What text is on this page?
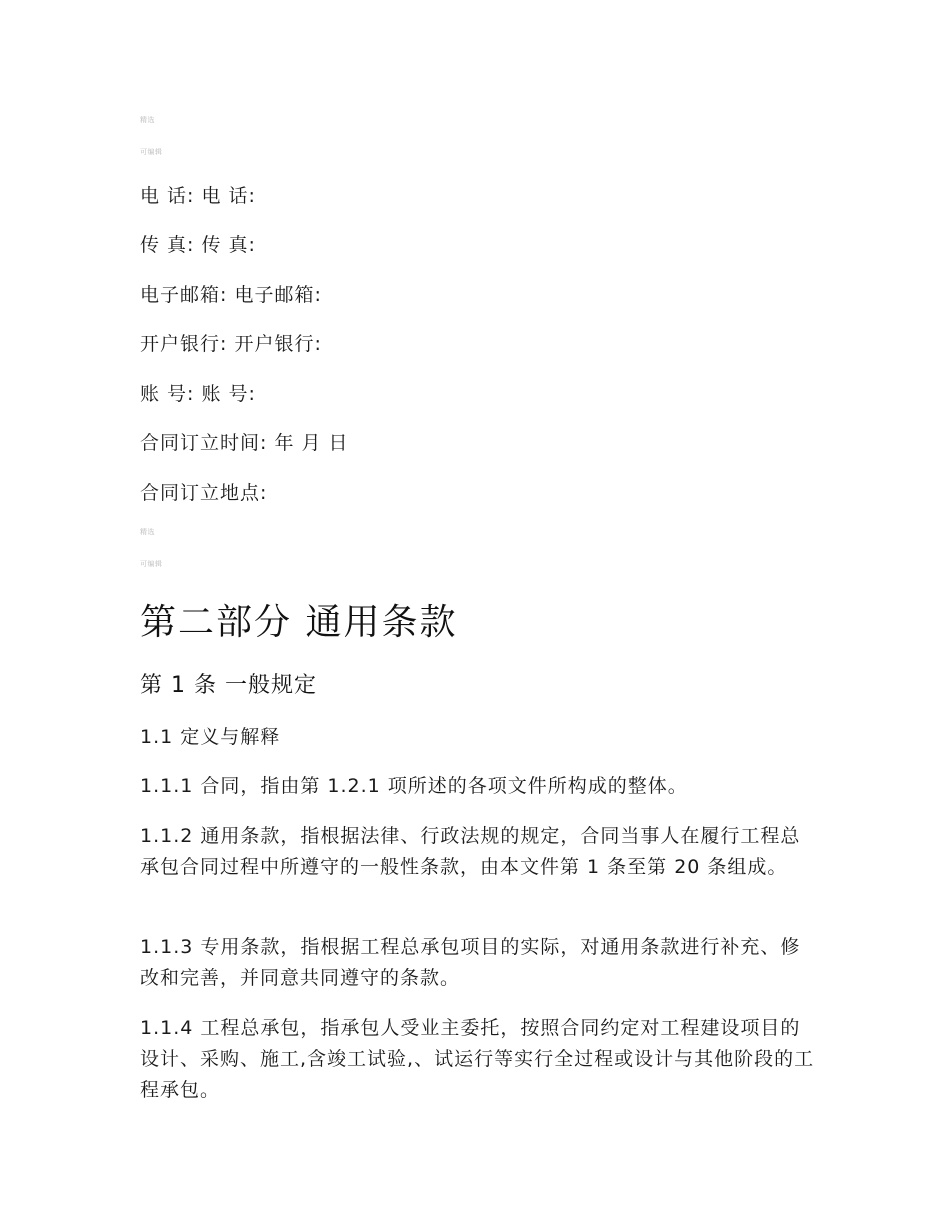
精选
可编辑
电 话: 电 话:
传 真: 传 真:
电子邮箱: 电子邮箱:
开户银行: 开户银行:
账 号: 账 号:
合同订立时间: 年 月 日
合同订立地点:
精选
可编辑
第二部分 通用条款
第 1 条 一般规定
1.1 定义与解释
1.1.1 合同，指由第 1.2.1 项所述的各项文件所构成的整体。
1.1.2 通用条款，指根据法律、行政法规的规定，合同当事人在履行工程总承包合同过程中所遵守的一般性条款，由本文件第 1 条至第 20 条组成。
1.1.3 专用条款，指根据工程总承包项目的实际，对通用条款进行补充、修改和完善，并同意共同遵守的条款。
1.1.4 工程总承包，指承包人受业主委托，按照合同约定对工程建设项目的设计、采购、施工,含竣工试验,、试运行等实行全过程或设计与其他阶段的工程承包。
